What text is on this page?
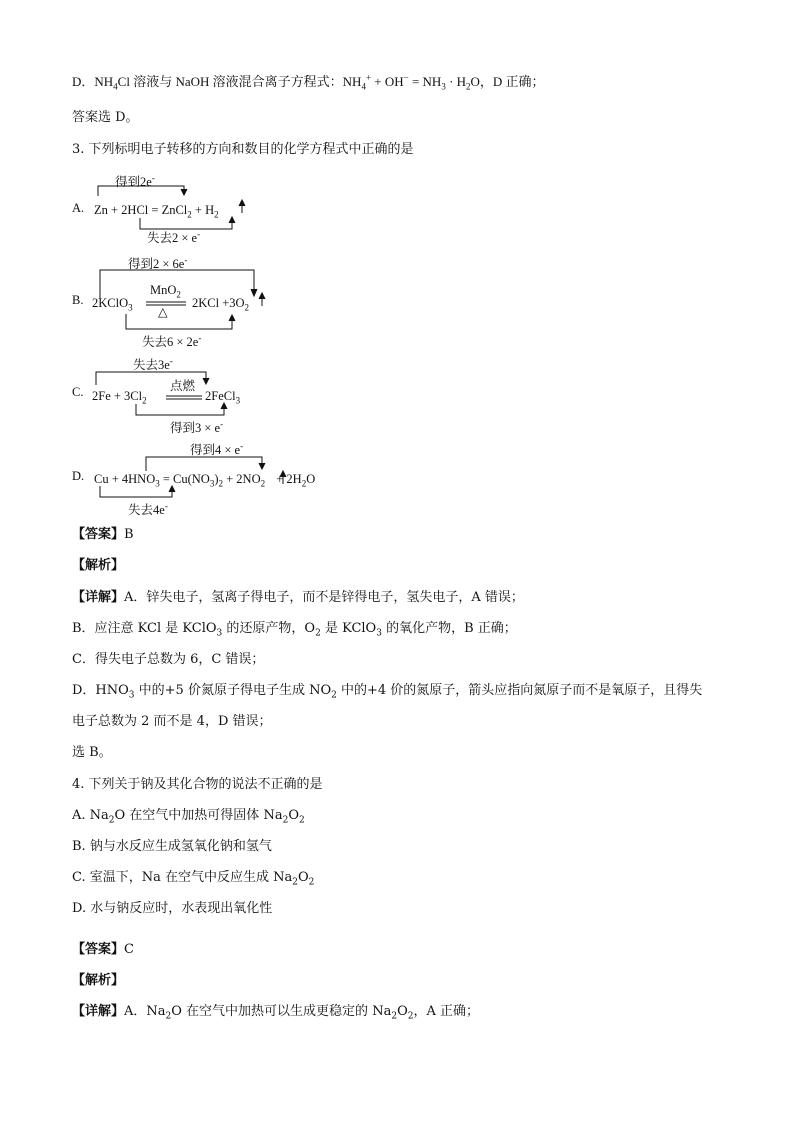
D．$NH_4Cl$ 溶液与 NaOH 溶液混合离子方程式：$NH_4^+ + OH^- = NH_3 \cdot H_2O$，D 正确；
答案选 D。
3. 下列标明电子转移的方向和数目的化学方程式中正确的是
得到2e-
A. Zn + 2HCl = ZnCl$_2$ + $H_2$
失去2 × e-
得到2 × 6e-
B. 2KClO$_3$
MnO$_2$
△
$2KCl +3O_2$
失去6 × 2e-
失去3e-
C. $2Fe + 3Cl_2$
点燃
2FeCl$_3$
得到3 × e-
得到4 × e-
D. $Cu + 4HNO_3 = Cu(NO_3)_2 + 2NO_2 + 2H_2O$
失去4e-
【答案】B
【解析】
【详解】A．锌失电子，氢离子得电子，而不是锌得电子，氢失电子，A 错误；
B．应注意 KCl 是 KClO$_3$ 的还原产物，$O_2$ 是 KClO$_3$ 的氧化产物，B 正确；
C．得失电子总数为 6，C 错误；
D．$HNO_3$ 中的+5 价氮原子得电子生成 $NO_2$ 中的+4 价的氮原子，箭头应指向氮原子而不是氧原子，且得失
电子总数为 2 而不是 4，D 错误；
选 B。
4. 下列关于钠及其化合物的说法不正确的是
A. $Na_2O$ 在空气中加热可得固体 $Na_2O_2$
B. 钠与水反应生成氢氧化钠和氢气
C. 室温下，Na 在空气中反应生成 $Na_2O_2$
D. 水与钠反应时，水表现出氧化性
【答案】C
【解析】
【详解】A．$Na_2O$ 在空气中加热可以生成更稳定的 $Na_2O_2$，A 正确；
